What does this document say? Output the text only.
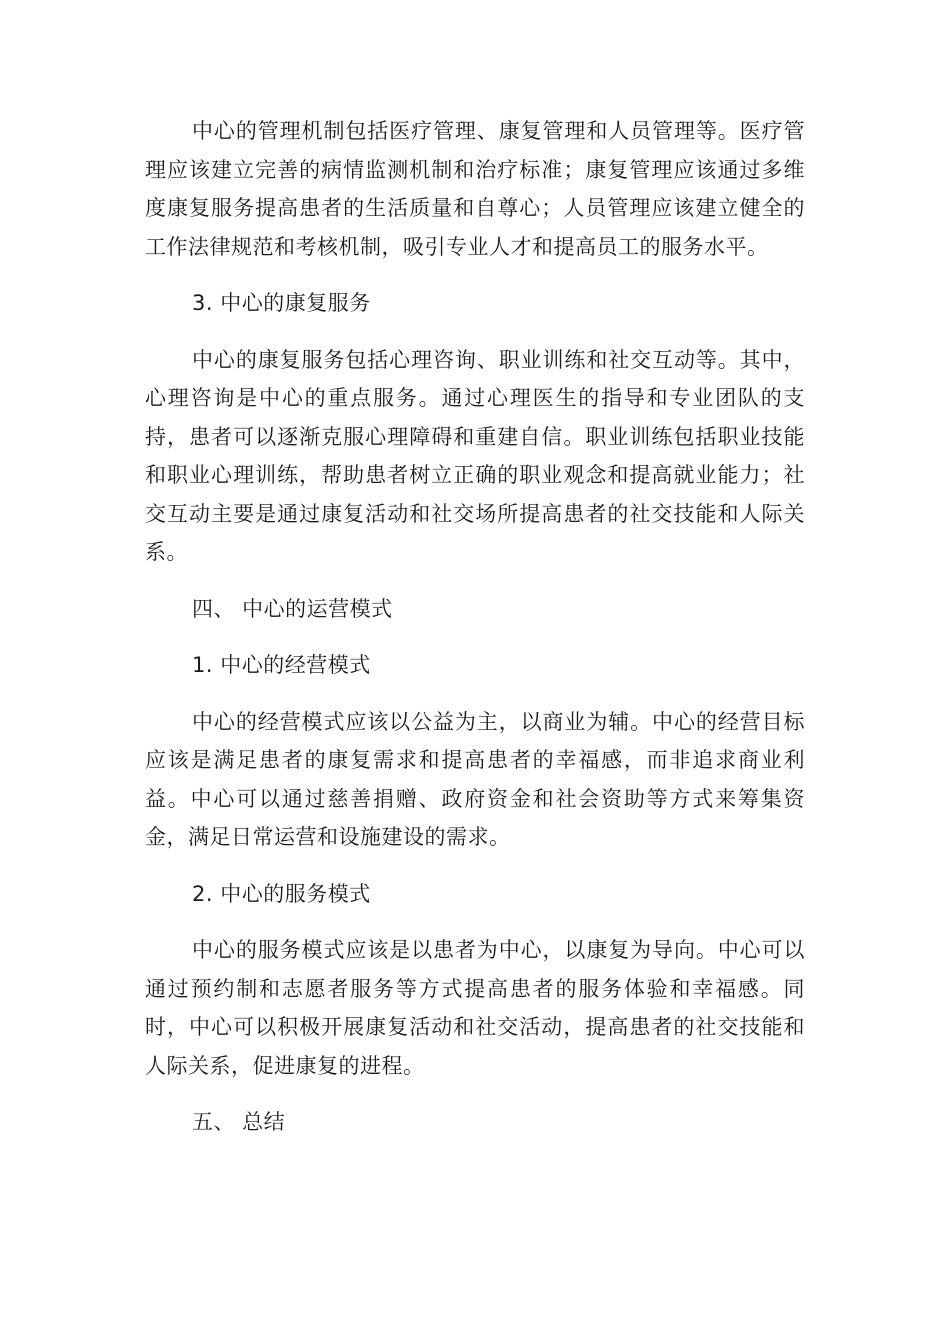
中心的管理机制包括医疗管理、康复管理和人员管理等。医疗管理应该建立完善的病情监测机制和治疗标准；康复管理应该通过多维度康复服务提高患者的生活质量和自尊心；人员管理应该建立健全的工作法律规范和考核机制，吸引专业人才和提高员工的服务水平。

3. 中心的康复服务

中心的康复服务包括心理咨询、职业训练和社交互动等。其中，心理咨询是中心的重点服务。通过心理医生的指导和专业团队的支持，患者可以逐渐克服心理障碍和重建自信。职业训练包括职业技能和职业心理训练，帮助患者树立正确的职业观念和提高就业能力；社交互动主要是通过康复活动和社交场所提高患者的社交技能和人际关系。

四、 中心的运营模式

1. 中心的经营模式

中心的经营模式应该以公益为主，以商业为辅。中心的经营目标应该是满足患者的康复需求和提高患者的幸福感，而非追求商业利益。中心可以通过慈善捐赠、政府资金和社会资助等方式来筹集资金，满足日常运营和设施建设的需求。

2. 中心的服务模式

中心的服务模式应该是以患者为中心，以康复为导向。中心可以通过预约制和志愿者服务等方式提高患者的服务体验和幸福感。同时，中心可以积极开展康复活动和社交活动，提高患者的社交技能和人际关系，促进康复的进程。

五、 总结
